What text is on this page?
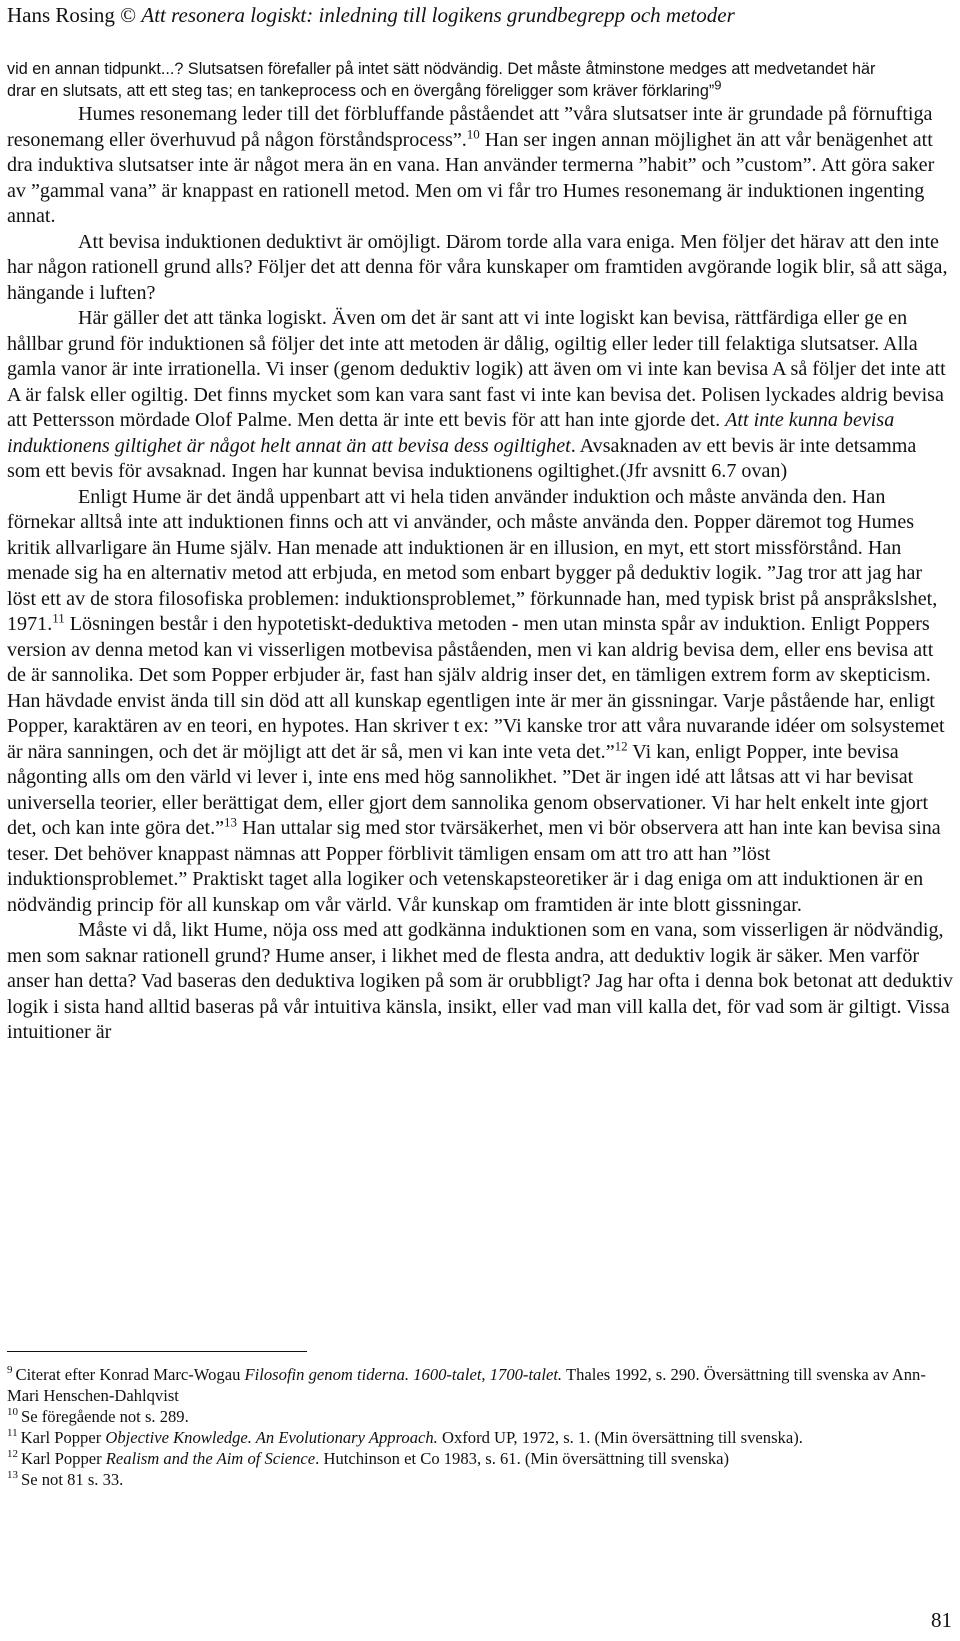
Hans Rosing © Att resonera logiskt: inledning till logikens grundbegrepp och metoder

vid en annan tidpunkt...? Slutsatsen förefaller på intet sätt nödvändig. Det måste åtminstone medges att medvetandet här
drar en slutsats, att ett steg tas; en tankeprocess och en övergång föreligger som kräver förklaring”$^9$

Humes resonemang leder till det förbluffande påståendet att ”våra slutsatser inte är grundade på förnuftiga resonemang eller överhuvud på någon förståndsprocess”.$^{10}$ Han ser ingen annan möjlighet än att vår benägenhet att dra induktiva slutsatser inte är något mera än en vana. Han använder termerna ”habit” och ”custom”. Att göra saker av ”gammal vana” är knappast en rationell metod. Men om vi får tro Humes resonemang är induktionen ingenting annat.

Att bevisa induktionen deduktivt är omöjligt. Därom torde alla vara eniga. Men följer det härav att den inte har någon rationell grund alls? Följer det att denna för våra kunskaper om framtiden avgörande logik blir, så att säga, hängande i luften?

Här gäller det att tänka logiskt. Även om det är sant att vi inte logiskt kan bevisa, rättfärdiga eller ge en hållbar grund för induktionen så följer det inte att metoden är dålig, ogiltig eller leder till felaktiga slutsatser. Alla gamla vanor är inte irrationella. Vi inser (genom deduktiv logik) att även om vi inte kan bevisa A så följer det inte att A är falsk eller ogiltig. Det finns mycket som kan vara sant fast vi inte kan bevisa det. Polisen lyckades aldrig bevisa att Pettersson mördade Olof Palme. Men detta är inte ett bevis för att han inte gjorde det. Att inte kunna bevisa induktionens giltighet är något helt annat än att bevisa dess ogiltighet. Avsaknaden av ett bevis är inte detsamma som ett bevis för avsaknad. Ingen har kunnat bevisa induktionens ogiltighet.(Jfr avsnitt 6.7 ovan)

Enligt Hume är det ändå uppenbart att vi hela tiden använder induktion och måste använda den. Han förnekar alltså inte att induktionen finns och att vi använder, och måste använda den. Popper däremot tog Humes kritik allvarligare än Hume själv. Han menade att induktionen är en illusion, en myt, ett stort missförstånd. Han menade sig ha en alternativ metod att erbjuda, en metod som enbart bygger på deduktiv logik. ”Jag tror att jag har löst ett av de stora filosofiska problemen: induktionsproblemet,” förkunnade han, med typisk brist på anspråkslshet, 1971.11 Lösningen består i den hypotetiskt-deduktiva metoden - men utan minsta spår av induktion. Enligt Poppers version av denna metod kan vi visserligen motbevisa påståenden, men vi kan aldrig bevisa dem, eller ens bevisa att de är sannolika. Det som Popper erbjuder är, fast han själv aldrig inser det, en tämligen extrem form av skepticism. Han hävdade envist ända till sin död att all kunskap egentligen inte är mer än gissningar. Varje påstående har, enligt Popper, karaktären av en teori, en hypotes. Han skriver t ex: ”Vi kanske tror att våra nuvarande idéer om solsystemet är nära sanningen, och det är möjligt att det är så, men vi kan inte veta det.”$^{12}$ Vi kan, enligt Popper, inte bevisa någonting alls om den värld vi lever i, inte ens med hög sannolikhet. ”Det är ingen idé att låtsas att vi har bevisat universella teorier, eller berättigat dem, eller gjort dem sannolika genom observationer. Vi har helt enkelt inte gjort det, och kan inte göra det.”$^{13}$ Han uttalar sig med stor tvärsäkerhet, men vi bör observera att han inte kan bevisa sina teser. Det behöver knappast nämnas att Popper förblivit tämligen ensam om att tro att han ”löst induktionsproblemet.” Praktiskt taget alla logiker och vetenskapsteoretiker är i dag eniga om att induktionen är en nödvändig princip för all kunskap om vår värld. Vår kunskap om framtiden är inte blott gissningar.

Måste vi då, likt Hume, nöja oss med att godkänna induktionen som en vana, som visserligen är nödvändig, men som saknar rationell grund? Hume anser, i likhet med de flesta andra, att deduktiv logik är säker. Men varför anser han detta? Vad baseras den deduktiva logiken på som är orubbligt? Jag har ofta i denna bok betonat att deduktiv logik i sista hand alltid baseras på vår intuitiva känsla, insikt, eller vad man vill kalla det, för vad som är giltigt. Vissa intuitioner är

$^9$ Citerat efter Konrad Marc-Wogau Filosofin genom tiderna. 1600-talet, 1700-talet. Thales 1992, s. 290. Översättning till svenska av Ann-Mari Henschen-Dahlqvist

$^{10}$ Se föregående not s. 289.

$^{11}$ Karl Popper Objective Knowledge. An Evolutionary Approach. Oxford UP, 1972, s. 1. (Min översättning till svenska).

$^{12}$ Karl Popper Realism and the Aim of Science. Hutchinson et Co 1983, s. 61. (Min översättning till svenska)

$^{13}$ Se not 81 s. 33.

81
